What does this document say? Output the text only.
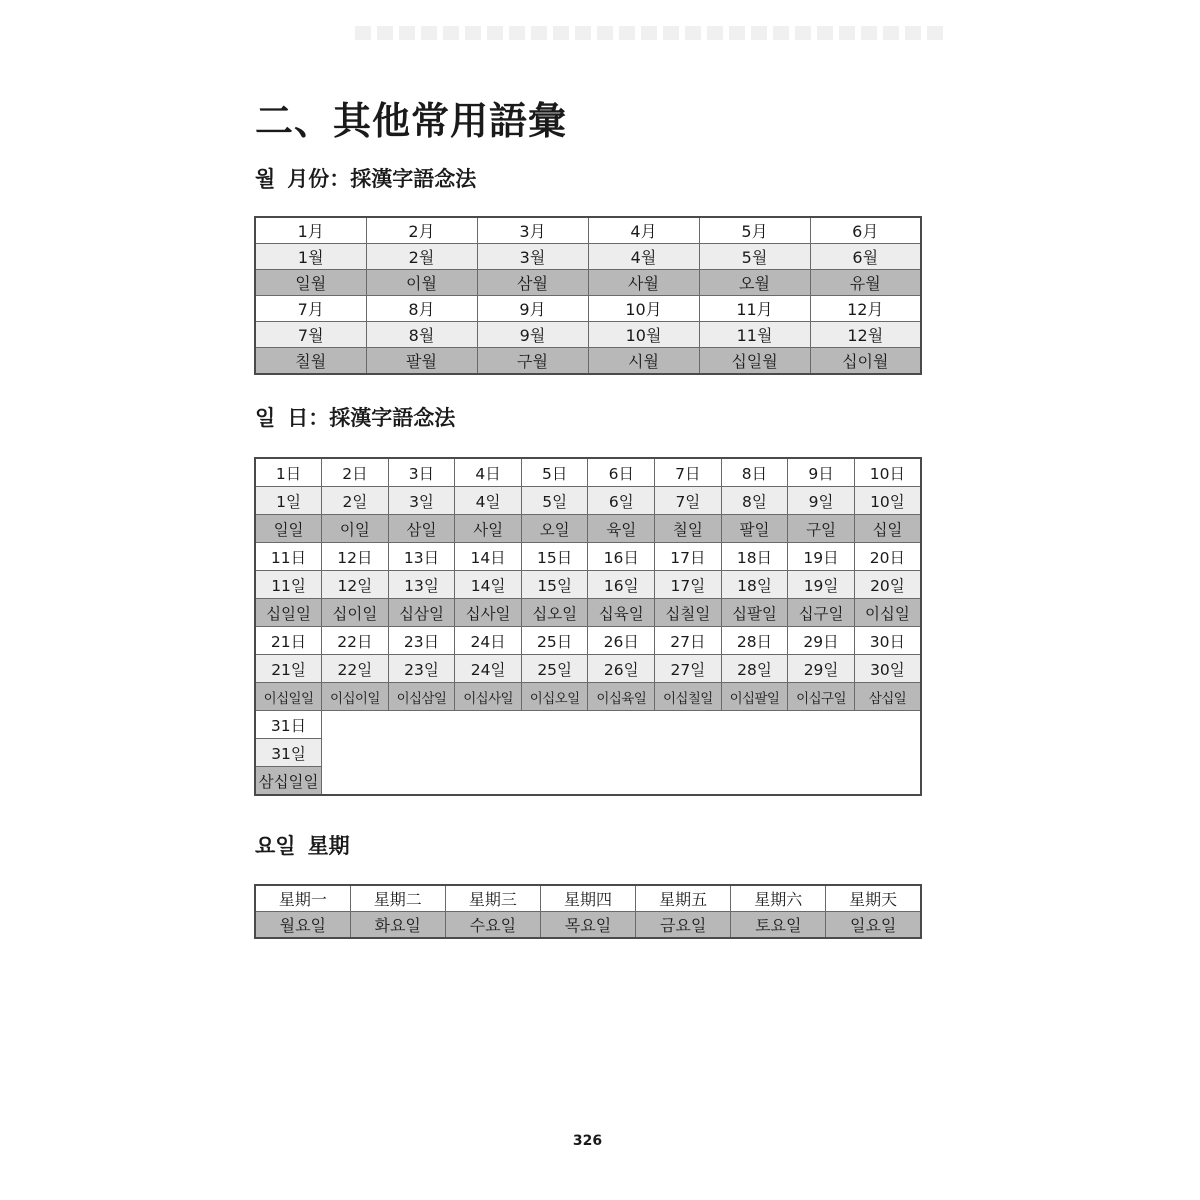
二、其他常用語彙
월 月份：採漢字語念法
1月	2月	3月	4月	5月	6月
1월	2월	3월	4월	5월	6월
일월	이월	삼월	사월	오월	유월
7月	8月	9月	10月	11月	12月
7월	8월	9월	10월	11월	12월
칠월	팔월	구월	시월	십일월	십이월
일 日：採漢字語念法
1日	2日	3日	4日	5日	6日	7日	8日	9日	10日
1일	2일	3일	4일	5일	6일	7일	8일	9일	10일
일일	이일	삼일	사일	오일	육일	칠일	팔일	구일	십일
11日	12日	13日	14日	15日	16日	17日	18日	19日	20日
11일	12일	13일	14일	15일	16일	17일	18일	19일	20일
십일일	십이일	십삼일	십사일	십오일	십육일	십칠일	십팔일	십구일	이십일
21日	22日	23日	24日	25日	26日	27日	28日	29日	30日
21일	22일	23일	24일	25일	26일	27일	28일	29일	30일
이십일일	이십이일	이십삼일	이십사일	이십오일	이십육일	이십칠일	이십팔일	이십구일	삼십일
31日									
31일									
삼십일일									
요일 星期
星期一	星期二	星期三	星期四	星期五	星期六	星期天
월요일	화요일	수요일	목요일	금요일	토요일	일요일
326
